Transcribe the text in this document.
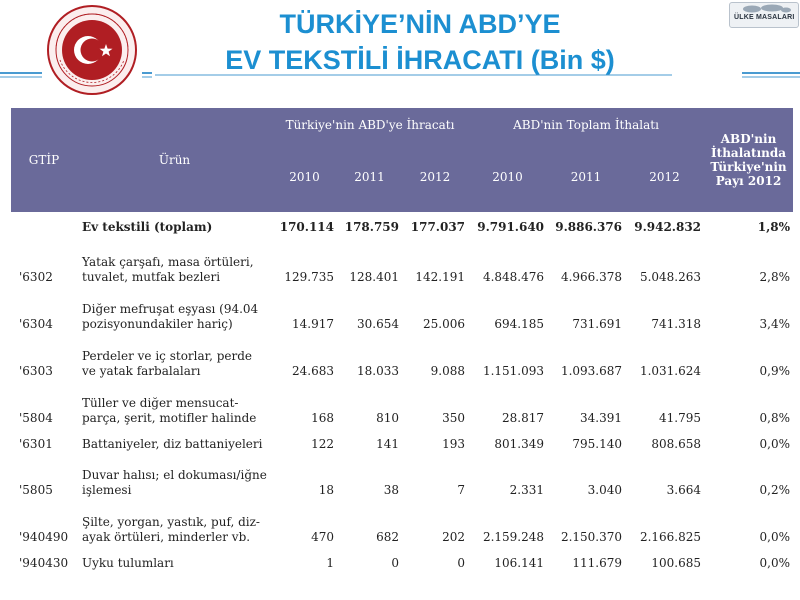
TÜRKİYE’NİN ABD’YE
EV TEKSTİLİ İHRACATI (Bin $)
ÜLKE MASALARI
GTİP	Ürün	Türkiye'nin ABD'ye İhracatı			ABD'nin Toplam İthalatı			ABD'nin İthalatında Türkiye'nin Payı 2012
		2010	2011	2012	2010	2011	2012	
	Ev tekstili (toplam)	170.114	178.759	177.037	9.791.640	9.886.376	9.942.832	1,8%
'6302	Yatak çarşafı, masa örtüleri, tuvalet, mutfak bezleri	129.735	128.401	142.191	4.848.476	4.966.378	5.048.263	2,8%
'6304	Diğer mefruşat eşyası (94.04 pozisyonundakiler hariç)	14.917	30.654	25.006	694.185	731.691	741.318	3,4%
'6303	Perdeler ve iç storlar, perde ve yatak farbalaları	24.683	18.033	9.088	1.151.093	1.093.687	1.031.624	0,9%
'5804	Tüller ve diğer mensucat-parça, şerit, motifler halinde	168	810	350	28.817	34.391	41.795	0,8%
'6301	Battaniyeler, diz battaniyeleri	122	141	193	801.349	795.140	808.658	0,0%
'5805	Duvar halısı; el dokuması/iğne işlemesi	18	38	7	2.331	3.040	3.664	0,2%
'940490	Şilte, yorgan, yastık, puf, diz-ayak örtüleri, minderler vb.	470	682	202	2.159.248	2.150.370	2.166.825	0,0%
'940430	Uyku tulumları	1	0	0	106.141	111.679	100.685	0,0%
